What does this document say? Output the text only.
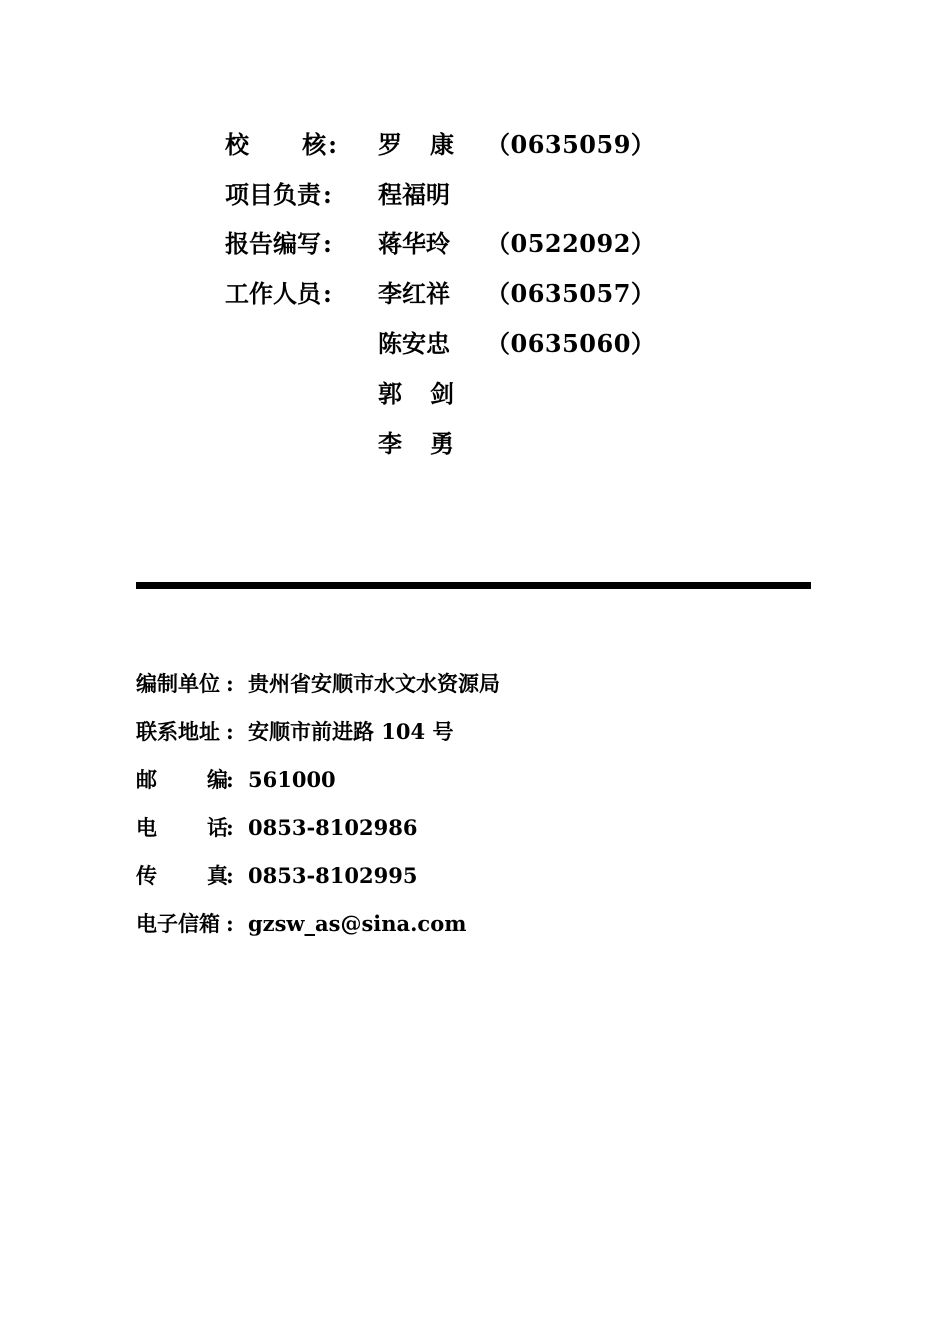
校 核: 罗 康 （0635059）
项目负责: 程福明
报告编写: 蒋华玲 （0522092）
工作人员: 李红祥 （0635057）
陈安忠 （0635060）
郭 剑
李 勇
编制单位 : 贵州省安顺市水文水资源局
联系地址 : 安顺市前进路 104 号
邮 编
: 561000
电 话
: 0853-8102986
传 真
: 0853-8102995
电子信箱 : gzsw_as@sina.com
